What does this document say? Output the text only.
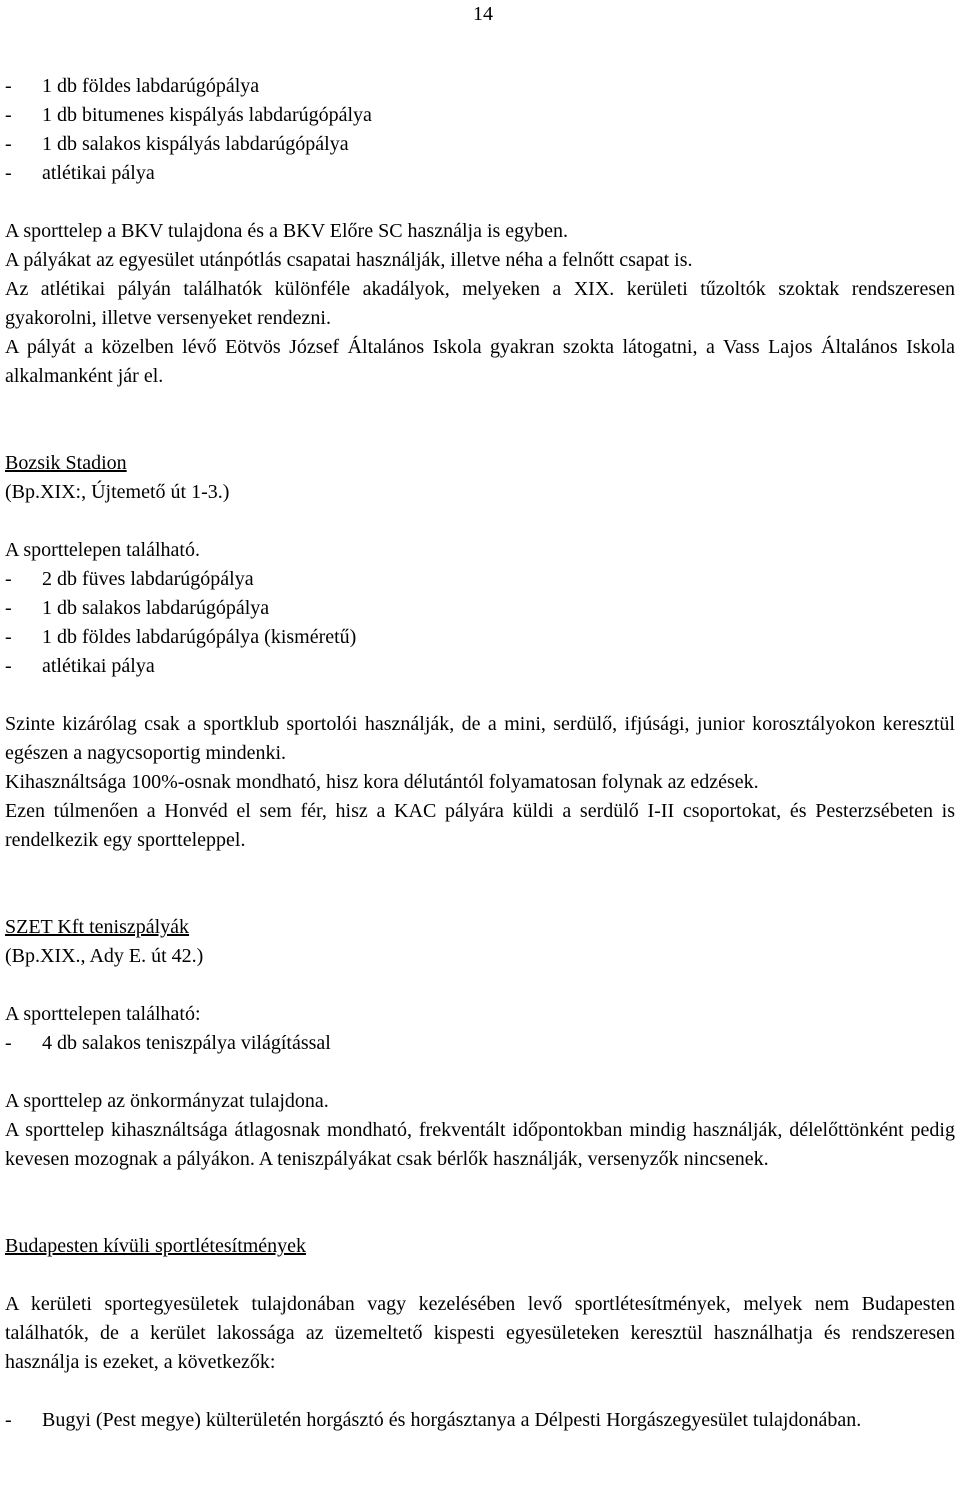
14
-	1 db földes labdarúgópálya
-	1 db bitumenes kispályás labdarúgópálya
-	1 db salakos kispályás labdarúgópálya
-	atlétikai pálya

A sporttelep a BKV tulajdona és a BKV Előre SC használja is egyben.

A pályákat az egyesület utánpótlás csapatai használják, illetve néha a felnőtt csapat is.

Az atlétikai pályán találhatók különféle akadályok, melyeken a XIX. kerületi tűzoltók szoktak rendszeresen gyakorolni, illetve versenyeket rendezni.

A pályát a közelben lévő Eötvös József Általános Iskola gyakran szokta látogatni, a Vass Lajos Általános Iskola alkalmanként jár el.

Bozsik Stadion
(Bp.XIX:, Újtemető út 1-3.)
A sporttelepen található.
-	2 db füves labdarúgópálya
-	1 db salakos labdarúgópálya
-	1 db földes labdarúgópálya (kisméretű)
-	atlétikai pálya

Szinte kizárólag csak a sportklub sportolói használják, de a mini, serdülő, ifjúsági, junior korosztályokon keresztül egészen a nagycsoportig mindenki.

Kihasználtsága 100%-osnak mondható, hisz kora délutántól folyamatosan folynak az edzések.

Ezen túlmenően a Honvéd el sem fér, hisz a KAC pályára küldi a serdülő I-II csoportokat, és Pesterzsébeten is rendelkezik egy sportteleppel.

SZET Kft teniszpályák
(Bp.XIX., Ady E. út 42.)
A sporttelepen található:
-	4 db salakos teniszpálya világítással

A sporttelep az önkormányzat tulajdona.

A sporttelep kihasználtsága átlagosnak mondható, frekventált időpontokban mindig használják, délelőttönként pedig kevesen mozognak a pályákon. A teniszpályákat csak bérlők használják, versenyzők nincsenek.

Budapesten kívüli sportlétesítmények

A kerületi sportegyesületek tulajdonában vagy kezelésében levő sportlétesítmények, melyek nem Budapesten találhatók, de a kerület lakossága az üzemeltető kispesti egyesületeken keresztül használhatja és rendszeresen használja is ezeket, a következők:

-	Bugyi (Pest megye) külterületén horgásztó és horgásztanya a Délpesti Horgászegyesület tulajdonában.
